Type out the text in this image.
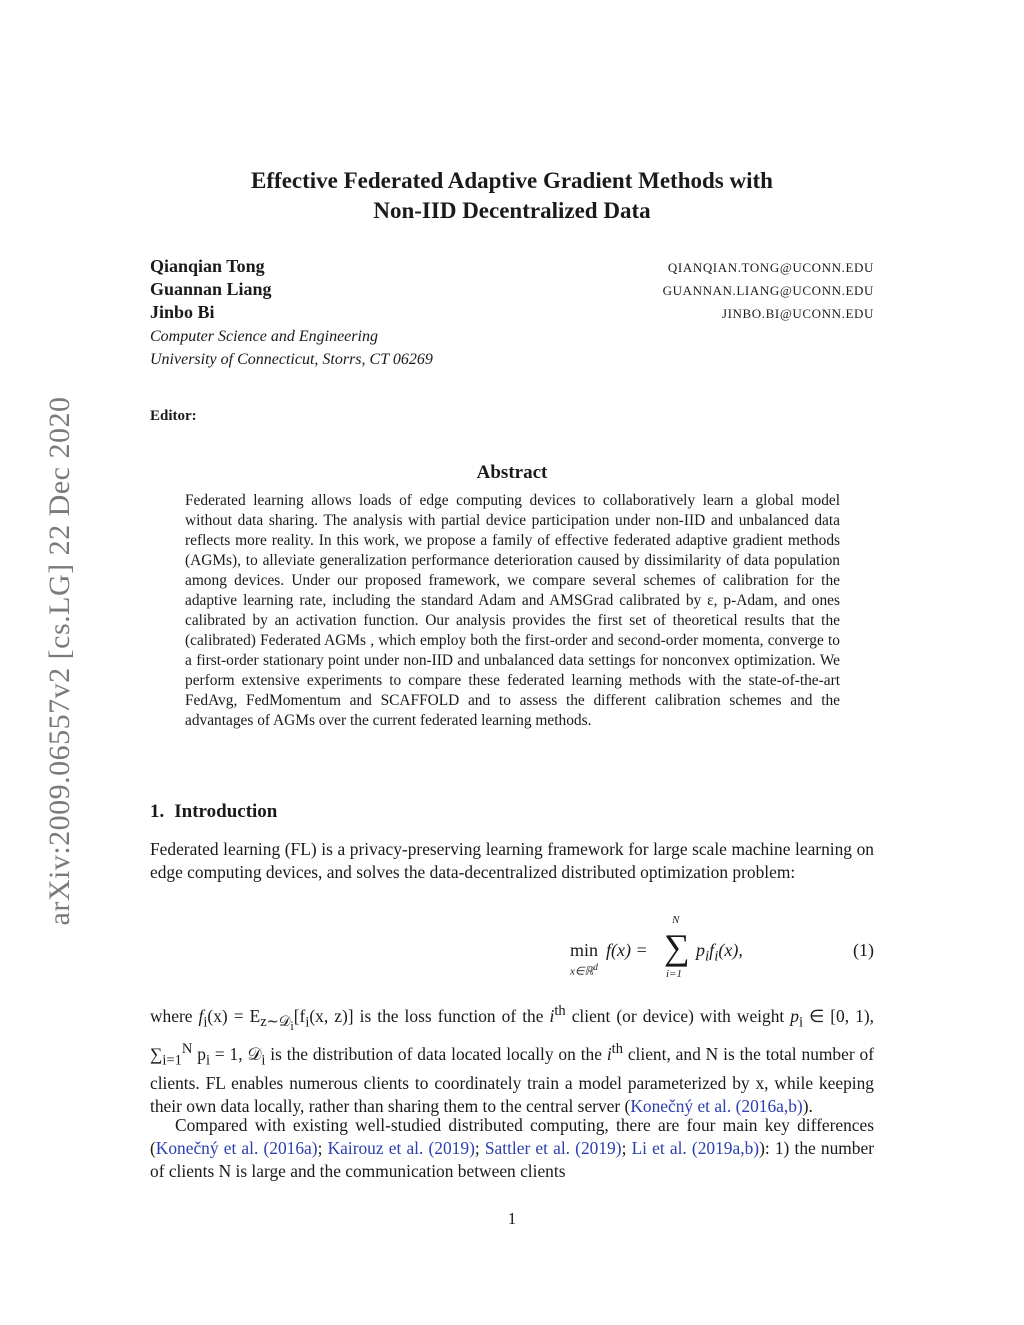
arXiv:2009.06557v2 [cs.LG] 22 Dec 2020
Effective Federated Adaptive Gradient Methods with
Non-IID Decentralized Data
Qianqian Tong	QIANQIAN.TONG@UCONN.EDU
Guannan Liang	GUANNAN.LIANG@UCONN.EDU
Jinbo Bi	JINBO.BI@UCONN.EDU
Computer Science and Engineering
University of Connecticut, Storrs, CT 06269
Editor:
Abstract
Federated learning allows loads of edge computing devices to collaboratively learn a global model without data sharing. The analysis with partial device participation under non-IID and unbalanced data reflects more reality. In this work, we propose a family of effective federated adaptive gradient methods (AGMs), to alleviate generalization performance deterioration caused by dissimilarity of data population among devices. Under our proposed framework, we compare several schemes of calibration for the adaptive learning rate, including the standard Adam and AMSGrad calibrated by ε, p-Adam, and ones calibrated by an activation function. Our analysis provides the first set of theoretical results that the (calibrated) Federated AGMs , which employ both the first-order and second-order momenta, converge to a first-order stationary point under non-IID and unbalanced data settings for nonconvex optimization. We perform extensive experiments to compare these federated learning methods with the state-of-the-art FedAvg, FedMomentum and SCAFFOLD and to assess the different calibration schemes and the advantages of AGMs over the current federated learning methods.
1. Introduction
Federated learning (FL) is a privacy-preserving learning framework for large scale machine learning on edge computing devices, and solves the data-decentralized distributed optimization problem:
min
x∈ℝ$^d$
f(x) = ∑
N
i=1
$p_if_i(x)$,	(1)
where $f_i(x) = E_{z\sim 𝒟_i}[f_i(x$, z)] is the loss function of the $i^{th}$ client (or device) with weight $p_i$ ∈ [0, 1), $\sum_{i=1}^N$ $p_i = 1$, 𝒟$_i$ is the distribution of data located locally on the $i^{th}$ client, and N is the total number of clients. FL enables numerous clients to coordinately train a model parameterized by x, while keeping their own data locally, rather than sharing them to the central server (Konečný et al. (2016a,b)).
Compared with existing well-studied distributed computing, there are four main key differences (Konečný et al. (2016a); Kairouz et al. (2019); Sattler et al. (2019); Li et al. (2019a,b)): 1) the number of clients N is large and the communication between clients
1
